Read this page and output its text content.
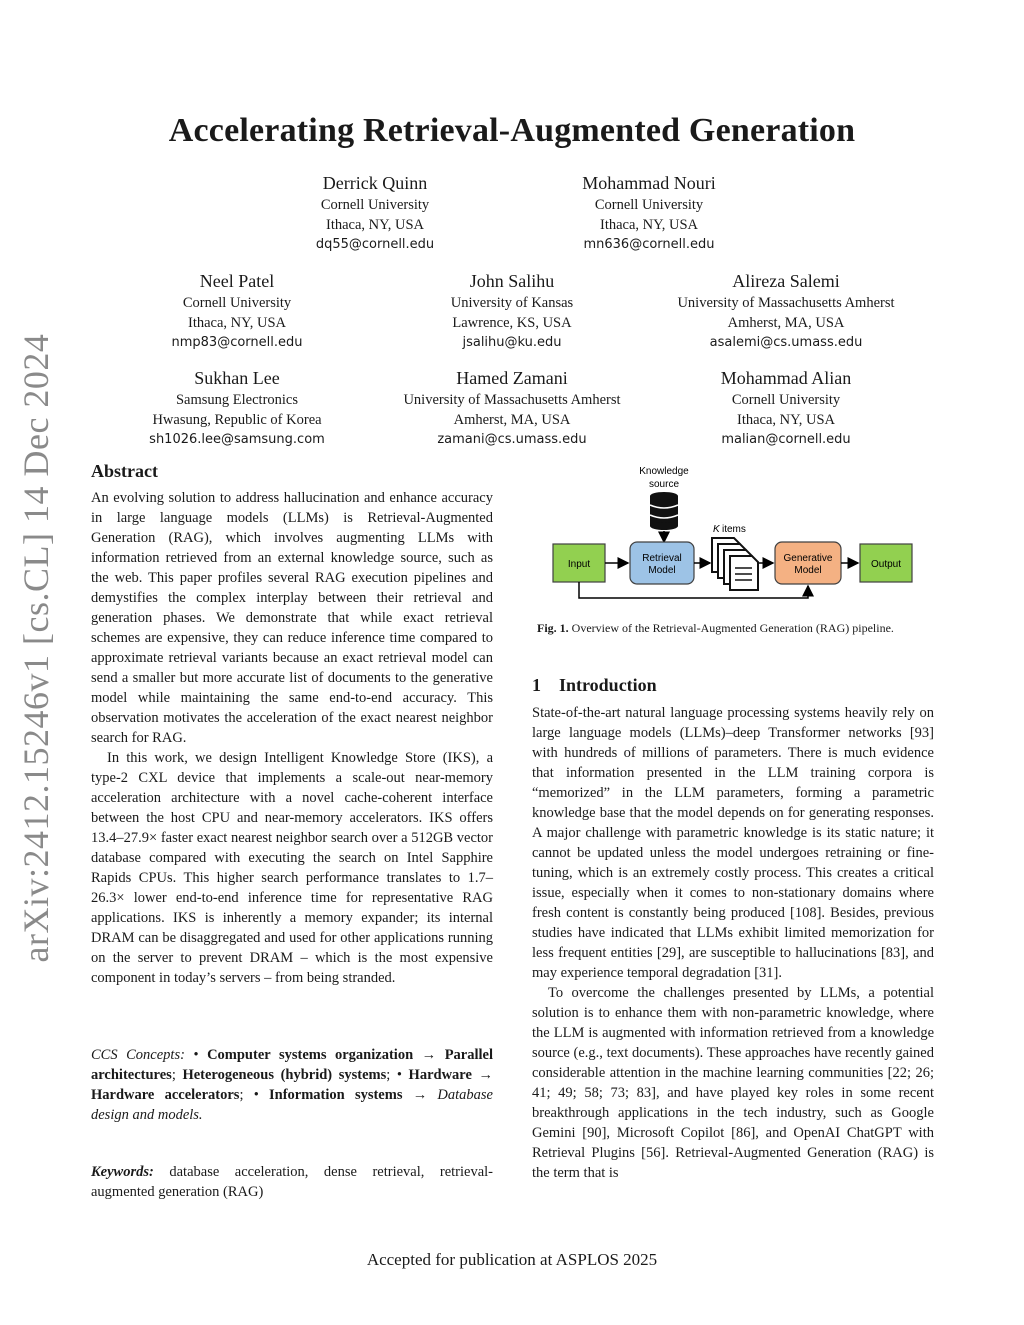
arXiv:2412.15246v1 [cs.CL] 14 Dec 2024
Accelerating Retrieval-Augmented Generation
Derrick Quinn
Cornell University
Ithaca, NY, USA
dq55@cornell.edu
Mohammad Nouri
Cornell University
Ithaca, NY, USA
mn636@cornell.edu
Neel Patel
Cornell University
Ithaca, NY, USA
nmp83@cornell.edu
John Salihu
University of Kansas
Lawrence, KS, USA
jsalihu@ku.edu
Alireza Salemi
University of Massachusetts Amherst
Amherst, MA, USA
asalemi@cs.umass.edu
Sukhan Lee
Samsung Electronics
Hwasung, Republic of Korea
sh1026.lee@samsung.com
Hamed Zamani
University of Massachusetts Amherst
Amherst, MA, USA
zamani@cs.umass.edu
Mohammad Alian
Cornell University
Ithaca, NY, USA
malian@cornell.edu
Abstract

An evolving solution to address hallucination and enhance accuracy in large language models (LLMs) is Retrieval-Augmented Generation (RAG), which involves augmenting LLMs with information retrieved from an external knowledge source, such as the web. This paper profiles several RAG execution pipelines and demystifies the complex interplay between their retrieval and generation phases. We demonstrate that while exact retrieval schemes are expensive, they can reduce inference time compared to approximate retrieval variants because an exact retrieval model can send a smaller but more accurate list of documents to the generative model while maintaining the same end-to-end accuracy. This observation motivates the acceleration of the exact nearest neighbor search for RAG.

In this work, we design Intelligent Knowledge Store (IKS), a type-2 CXL device that implements a scale-out near-memory acceleration architecture with a novel cache-coherent interface between the host CPU and near-memory accelerators. IKS offers 13.4–27.9× faster exact nearest neighbor search over a 512GB vector database compared with executing the search on Intel Sapphire Rapids CPUs. This higher search performance translates to 1.7–26.3× lower end-to-end inference time for representative RAG applications. IKS is inherently a memory expander; its internal DRAM can be disaggregated and used for other applications running on the server to prevent DRAM – which is the most expensive component in today’s servers – from being stranded.

CCS Concepts: • Computer systems organization → Parallel architectures; Heterogeneous (hybrid) systems; • Hardware → Hardware accelerators; • Information systems → Database design and models.
Keywords: database acceleration, dense retrieval, retrieval-augmented generation (RAG)
Knowledge
source
K items
Input
Retrieval
Model
Generative
Model
Output
Fig. 1. Overview of the Retrieval-Augmented Generation (RAG) pipeline.
1 Introduction

State-of-the-art natural language processing systems heavily rely on large language models (LLMs)–deep Transformer networks [93] with hundreds of millions of parameters. There is much evidence that information presented in the LLM training corpora is “memorized” in the LLM parameters, forming a parametric knowledge base that the model depends on for generating responses. A major challenge with parametric knowledge is its static nature; it cannot be updated unless the model undergoes retraining or fine-tuning, which is an extremely costly process. This creates a critical issue, especially when it comes to non-stationary domains where fresh content is constantly being produced [108]. Besides, previous studies have indicated that LLMs exhibit limited memorization for less frequent entities [29], are susceptible to hallucinations [83], and may experience temporal degradation [31].

To overcome the challenges presented by LLMs, a potential solution is to enhance them with non-parametric knowledge, where the LLM is augmented with information retrieved from a knowledge source (e.g., text documents). These approaches have recently gained considerable attention in the machine learning communities [22; 26; 41; 49; 58; 73; 83], and have played key roles in some recent breakthrough applications in the tech industry, such as Google Gemini [90], Microsoft Copilot [86], and OpenAI ChatGPT with Retrieval Plugins [56]. Retrieval-Augmented Generation (RAG) is the term that is

Accepted for publication at ASPLOS 2025
